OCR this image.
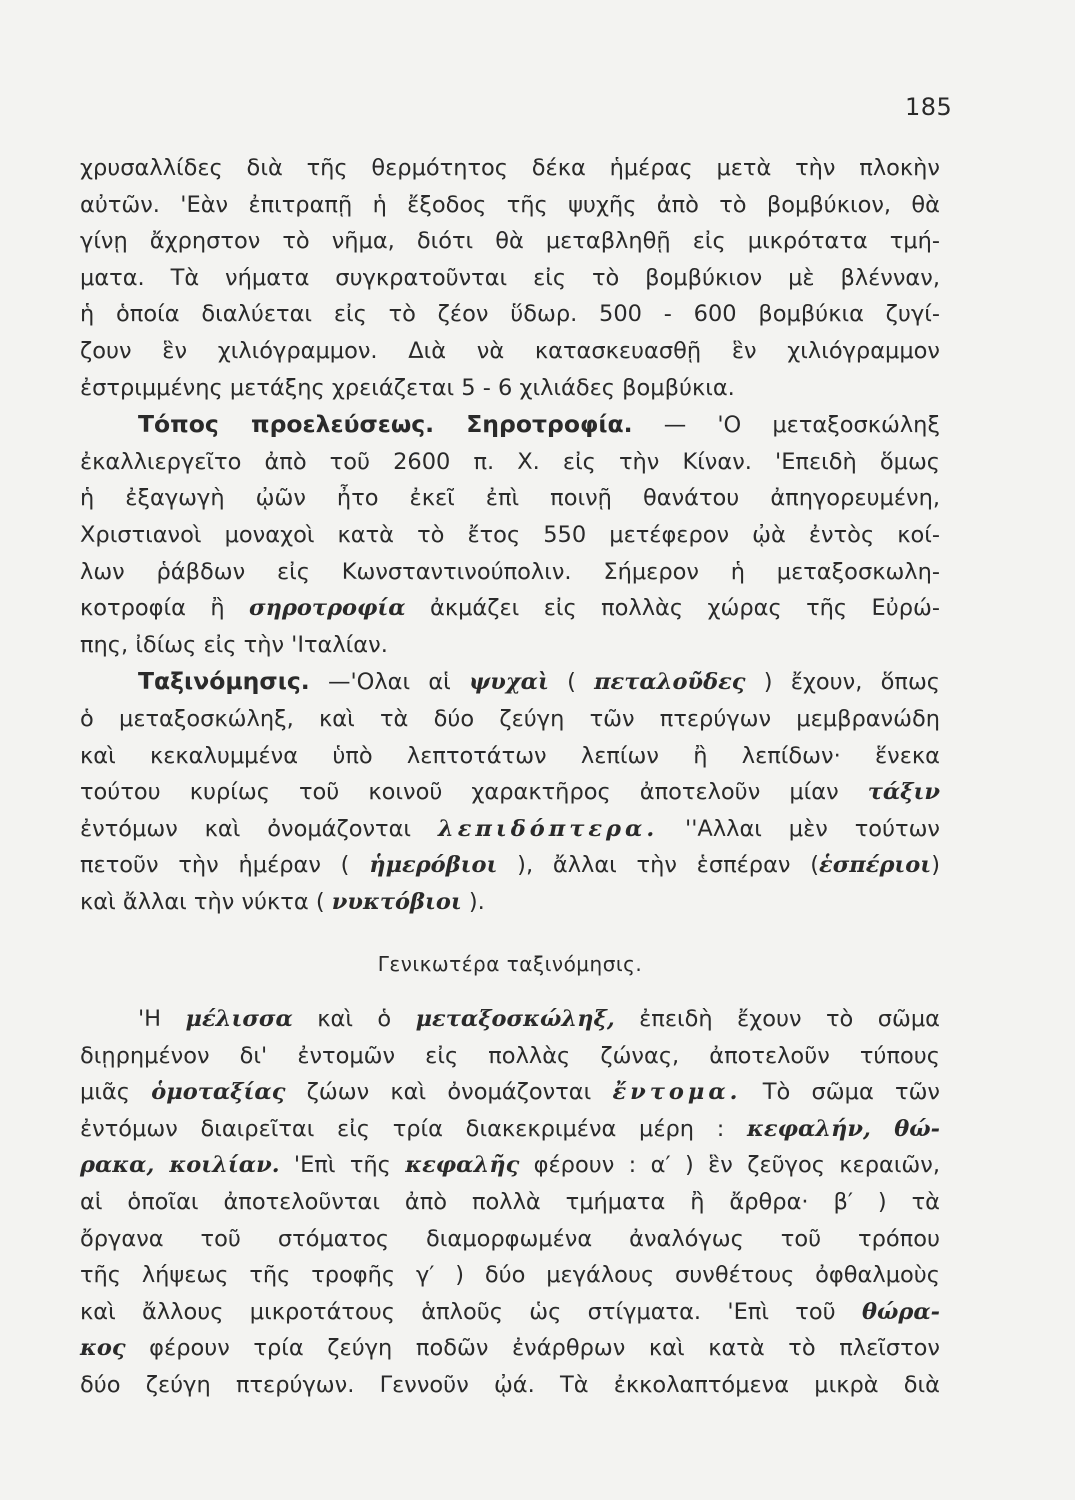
185
χρυσαλλίδες διὰ τῆς θερμότητος δέκα ἡμέρας μετὰ τὴν πλοκὴν
αὐτῶν. 'Εὰν ἐπιτραπῇ ἡ ἔξοδος τῆς ψυχῆς ἀπὸ τὸ βομβύκιον, θὰ
γίνῃ ἄχρηστον τὸ νῆμα, διότι θὰ μεταβληθῇ εἰς μικρότατα τμή-
ματα. Τὰ νήματα συγκρατοῦνται εἰς τὸ βομβύκιον μὲ βλένναν,
ἡ ὁποία διαλύεται εἰς τὸ ζέον ὕδωρ. 500 - 600 βομβύκια ζυγί-
ζουν ἓν χιλιόγραμμον. Διὰ νὰ κατασκευασθῇ ἓν χιλιόγραμμον
ἐστριμμένης μετάξης χρειάζεται 5 - 6 χιλιάδες βομβύκια.
Τόπος προελεύσεως. Σηροτροφία. — 'Ο μεταξοσκώληξ
ἐκαλλιεργεῖτο ἀπὸ τοῦ 2600 π. Χ. εἰς τὴν Κίναν. 'Επειδὴ ὅμως
ἡ ἐξαγωγὴ ᾠῶν ἦτο ἐκεῖ ἐπὶ ποινῇ θανάτου ἀπηγορευμένη,
Χριστιανοὶ μοναχοὶ κατὰ τὸ ἔτος 550 μετέφερον ᾠὰ ἐντὸς κοί-
λων ῥάβδων εἰς Κωνσταντινούπολιν. Σήμερον ἡ μεταξοσκωλη-
κοτροφία ἢ σηροτροφία ἀκμάζει εἰς πολλὰς χώρας τῆς Εὐρώ-
πης, ἰδίως εἰς τὴν 'Ιταλίαν.
Ταξινόμησις. —'Ολαι αἱ ψυχαὶ ( πεταλοῦδες ) ἔχουν, ὅπως
ὁ μεταξοσκώληξ, καὶ τὰ δύο ζεύγη τῶν πτερύγων μεμβρανώδη
καὶ κεκαλυμμένα ὑπὸ λεπτοτάτων λεπίων ἢ λεπίδων· ἕνεκα
τούτου κυρίως τοῦ κοινοῦ χαρακτῆρος ἀποτελοῦν μίαν τάξιν
ἐντόμων καὶ ὀνομάζονται λεπιδόπτερα. ''Αλλαι μὲν τούτων
πετοῦν τὴν ἡμέραν ( ἡμερόβιοι ), ἄλλαι τὴν ἑσπέραν (ἑσπέριοι)
καὶ ἄλλαι τὴν νύκτα ( νυκτόβιοι ).
Γενικωτέρα ταξινόμησις.
'Η μέλισσα καὶ ὁ μεταξοσκώληξ, ἐπειδὴ ἔχουν τὸ σῶμα
διῃρημένον δι' ἐντομῶν εἰς πολλὰς ζώνας, ἀποτελοῦν τύπους
μιᾶς ὁμοταξίας ζώων καὶ ὀνομάζονται ἔντομα. Τὸ σῶμα τῶν
ἐντόμων διαιρεῖται εἰς τρία διακεκριμένα μέρη : κεφαλήν, θώ-
ρακα, κοιλίαν. 'Επὶ τῆς κεφαλῆς φέρουν : α′ ) ἓν ζεῦγος κεραιῶν,
αἱ ὁποῖαι ἀποτελοῦνται ἀπὸ πολλὰ τμήματα ἢ ἄρθρα· β′ ) τὰ
ὄργανα τοῦ στόματος διαμορφωμένα ἀναλόγως τοῦ τρόπου
τῆς λήψεως τῆς τροφῆς γ′ ) δύο μεγάλους συνθέτους ὀφθαλμοὺς
καὶ ἄλλους μικροτάτους ἁπλοῦς ὡς στίγματα. 'Επὶ τοῦ θώρα-
κος φέρουν τρία ζεύγη ποδῶν ἐνάρθρων καὶ κατὰ τὸ πλεῖστον
δύο ζεύγη πτερύγων. Γεννοῦν ᾠά. Τὰ ἐκκολαπτόμενα μικρὰ διὰ
